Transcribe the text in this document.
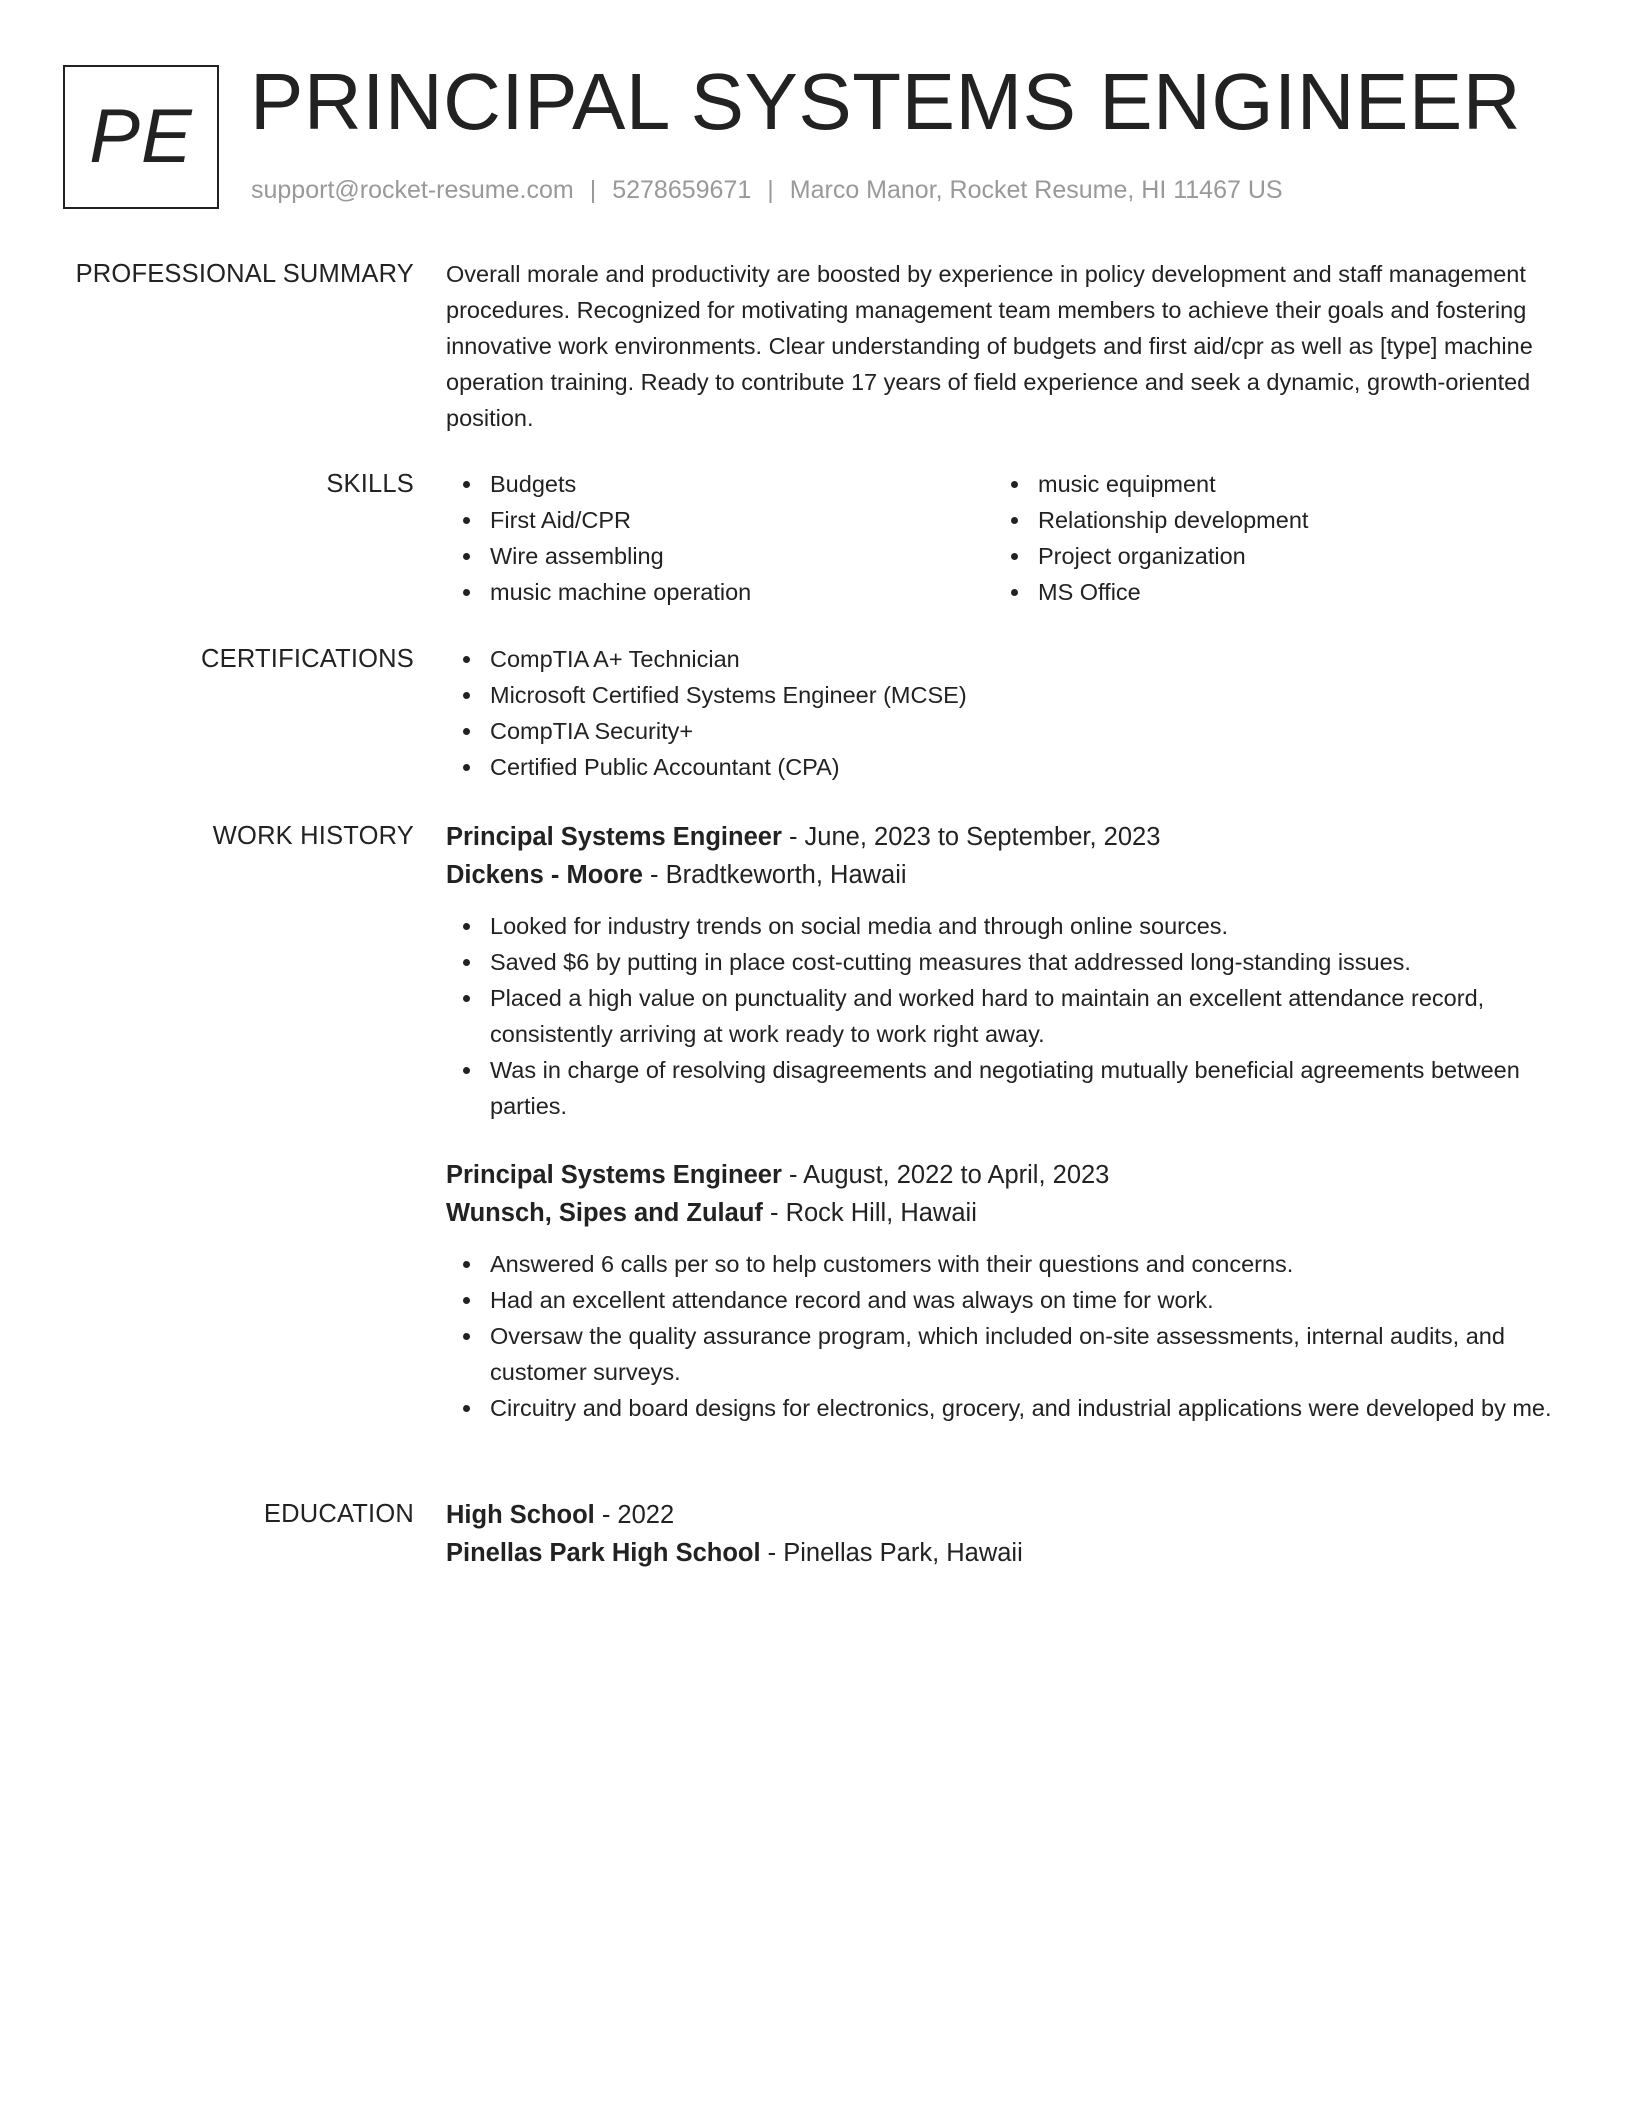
PE PRINCIPAL SYSTEMS ENGINEER
support@rocket-resume.com | 5278659671 | Marco Manor, Rocket Resume, HI 11467 US
PROFESSIONAL SUMMARY Overall morale and productivity are boosted by experience in policy development and staff management procedures. Recognized for motivating management team members to achieve their goals and fostering innovative work environments. Clear understanding of budgets and first aid/cpr as well as [type] machine operation training. Ready to contribute 17 years of field experience and seek a dynamic, growth-oriented position.

SKILLS	Budgets
First Aid/CPR
Wire assembling
music machine operation
music equipment
Relationship development
Project organization
MS Office
CERTIFICATIONS	CompTIA A+ Technician
Microsoft Certified Systems Engineer (MCSE)
CompTIA Security+
Certified Public Accountant (CPA)
WORK HISTORY Principal Systems Engineer - June, 2023 to September, 2023
Dickens - Moore - Bradtkeworth, Hawaii
Looked for industry trends on social media and through online sources.
Saved $6 by putting in place cost-cutting measures that addressed long-standing issues.
Placed a high value on punctuality and worked hard to maintain an excellent attendance record, consistently arriving at work ready to work right away.
Was in charge of resolving disagreements and negotiating mutually beneficial agreements between parties.
Principal Systems Engineer - August, 2022 to April, 2023
Wunsch, Sipes and Zulauf - Rock Hill, Hawaii
Answered 6 calls per so to help customers with their questions and concerns.
Had an excellent attendance record and was always on time for work.
Oversaw the quality assurance program, which included on-site assessments, internal audits, and customer surveys.
Circuitry and board designs for electronics, grocery, and industrial applications were developed by me.
EDUCATION High School - 2022
Pinellas Park High School - Pinellas Park, Hawaii
